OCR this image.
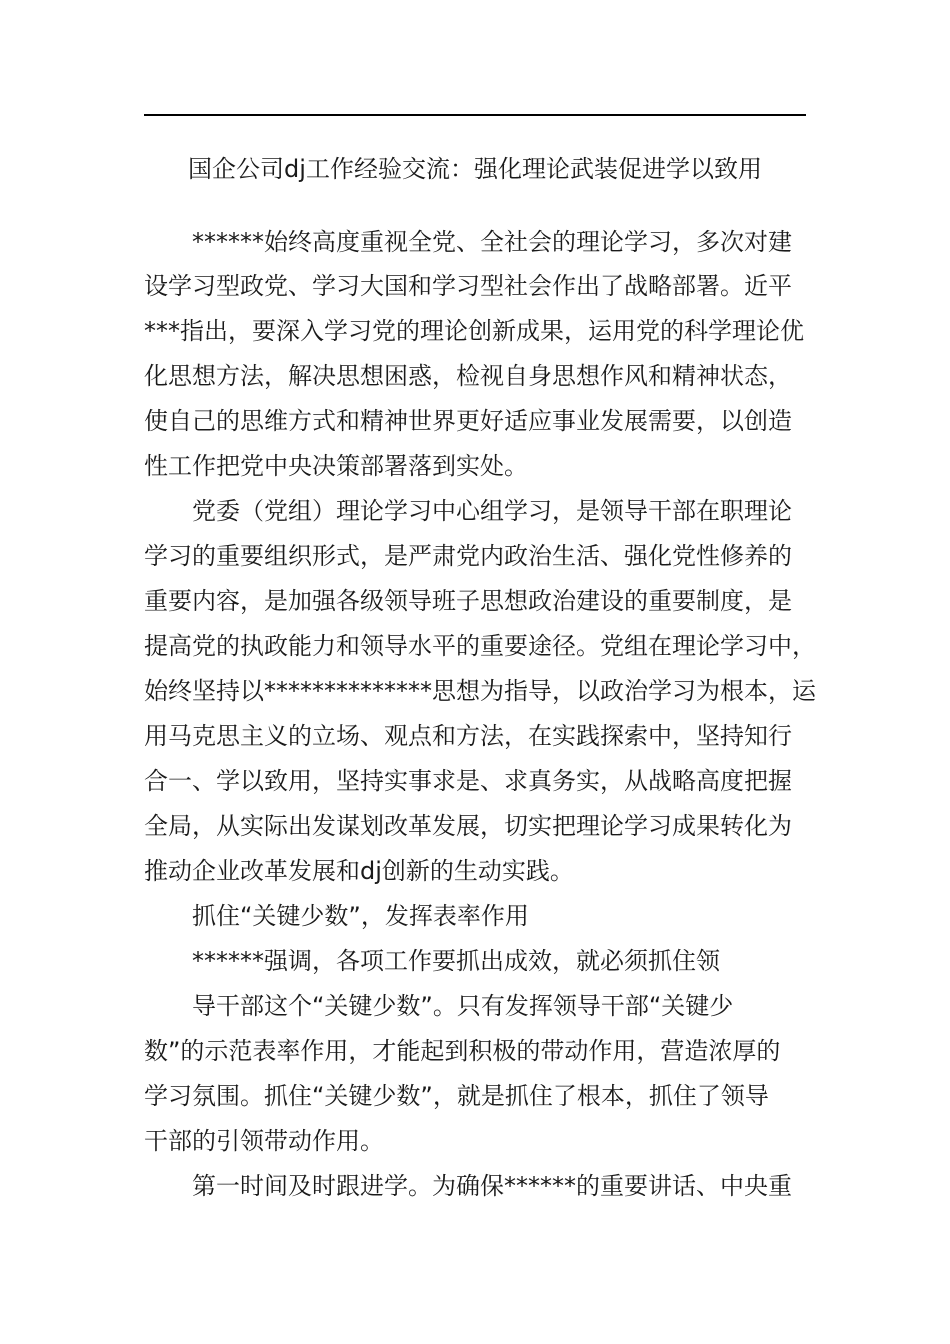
国企公司dj工作经验交流：强化理论武装促进学以致用
******始终高度重视全党、全社会的理论学习，多次对建
设学习型政党、学习大国和学习型社会作出了战略部署。近平
***指出，要深入学习党的理论创新成果，运用党的科学理论优
化思想方法，解决思想困惑，检视自身思想作风和精神状态，
使自己的思维方式和精神世界更好适应事业发展需要，以创造
性工作把党中央决策部署落到实处。
党委（党组）理论学习中心组学习，是领导干部在职理论
学习的重要组织形式，是严肃党内政治生活、强化党性修养的
重要内容，是加强各级领导班子思想政治建设的重要制度，是
提高党的执政能力和领导水平的重要途径。党组在理论学习中，
始终坚持以**************思想为指导，以政治学习为根本，运
用马克思主义的立场、观点和方法，在实践探索中，坚持知行
合一、学以致用，坚持实事求是、求真务实，从战略高度把握
全局，从实际出发谋划改革发展，切实把理论学习成果转化为
推动企业改革发展和dj创新的生动实践。
抓住“关键少数”，发挥表率作用
******强调，各项工作要抓出成效，就必须抓住领
导干部这个“关键少数”。只有发挥领导干部“关键少
数”的示范表率作用，才能起到积极的带动作用，营造浓厚的
学习氛围。抓住“关键少数”，就是抓住了根本，抓住了领导
干部的引领带动作用。
第一时间及时跟进学。为确保******的重要讲话、中央重
